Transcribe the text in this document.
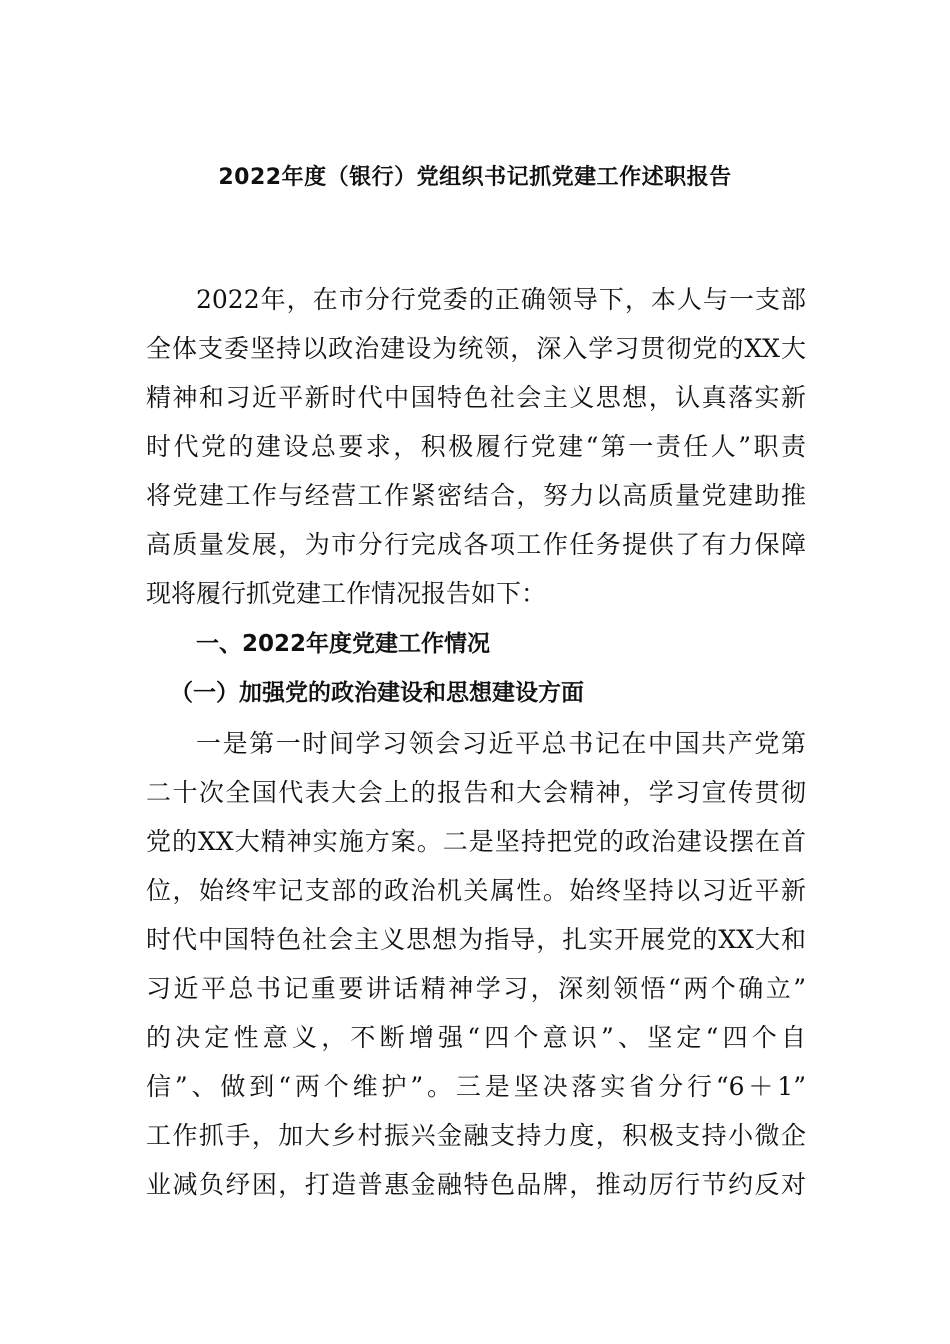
2022年度（银行）党组织书记抓党建工作述职报告
2022年，在市分行党委的正确领导下，本人与一支部
全体支委坚持以政治建设为统领，深入学习贯彻党的XX大
精神和习近平新时代中国特色社会主义思想，认真落实新
时代党的建设总要求，积极履行党建“第一责任人”职责
将党建工作与经营工作紧密结合，努力以高质量党建助推
高质量发展，为市分行完成各项工作任务提供了有力保障
现将履行抓党建工作情况报告如下：
一、2022年度党建工作情况
（一）加强党的政治建设和思想建设方面
一是第一时间学习领会习近平总书记在中国共产党第
二十次全国代表大会上的报告和大会精神，学习宣传贯彻
党的XX大精神实施方案。二是坚持把党的政治建设摆在首
位，始终牢记支部的政治机关属性。始终坚持以习近平新
时代中国特色社会主义思想为指导，扎实开展党的XX大和
习近平总书记重要讲话精神学习，深刻领悟“两个确立”
的决定性意义，不断增强“四个意识”、坚定“四个自
信”、做到“两个维护”。三是坚决落实省分行“6＋1”
工作抓手，加大乡村振兴金融支持力度，积极支持小微企
业减负纾困，打造普惠金融特色品牌，推动厉行节约反对
